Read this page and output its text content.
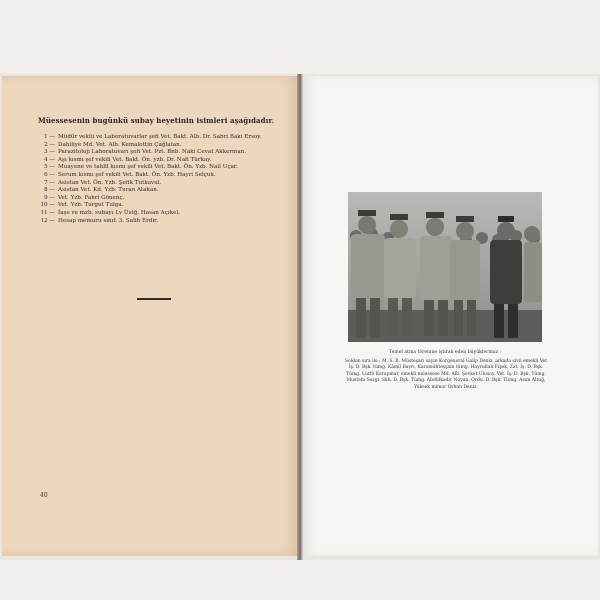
Müessesenin bugünkü subay heyetinin isimleri aşağıdadır.
1 — Müdür vekili ve Laboratuvarlar şefi Vet. Bakt. Alb. Dr. Sabri Baki Ersoy.
2 — Dahiliye Md. Vet. Alb. Kemalettin Çağlatan.
3 — Parazitoloji Laboratuvarı şefi Vet. Pzt. Bnb. Naki Cevat Akkerman.
4 — Aşı kısmı şef vekili Vet. Bakt. Ön. yzb. Dr. Nafi Türkay.
5 — Muayene ve tahlil kısmı şef vekili Vet. Bakt. Ön. Yzb. Nail Uçar.
6 — Serum kısmı şef vekili Vet. Bakt. Ön. Yzb. Hayri Selçuk.
7 — Asistan Vet. Ön. Yzb. Şefik Tutkavul.
8 — Asistan Vet. Kd. Yzb. Turan Atakan.
9 — Vet. Yzb. Fahri Gönenç.
10 — Vet. Yzb. Turgut Tulga.
11 — İaşe ve mzb. subayı Lv Üstğ. Hasan Açıkel.
12 — Hesap memuru sınıf. 3. Salih Erdir.
40
Temel atma törenine iştirak eden büyüklerimiz :
Soldan sıra ile : M. S. B. Müsteşarı sayın Korgeneral Galip Deniz, arkada sivil emekli Vet İş. D. Bşk. tümg. Kâmil Bayrı, Karamühtesşam tümg. Hayrullah Fişek, Zat. İş. D. Bşk. Tümg. Lütfü Karapınar, emekli müessese Md. Alb. Şevket Ulusoy. Vet. İş. D. Bşk. Tümg. Mustafa Sezgi, Skh. D. Bşk. Tümg. Abdülkadir Noyan, Ordu. D. Bşk. Tümg. Asım Altuğ, Yüksek mimar Orhan Deniz.
